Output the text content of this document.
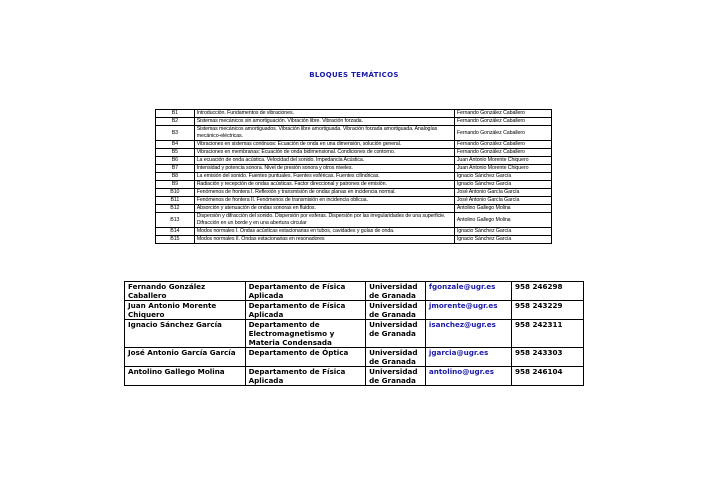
BLOQUES TEMÁTICOS
B1	Introducción. Fundamentos de vibraciones.	Fernando González Caballero
B2	Sistemas mecánicos sin amortiguación. Vibración libre. Vibración forzada.	Fernando González Caballero
B3	Sistemas mecánicos amortiguados. Vibración libre amortiguada. Vibración forzada amortiguada. Analogías mecánico-eléctricas.	Fernando González Caballero
B4	Vibraciones en sistemas continuos: Ecuación de onda en una dimensión, solución general.	Fernando González Caballero
B5	Vibraciones en membranas: Ecuación de onda bidimensional. Condiciones de contorno.	Fernando González Caballero
B6	La ecuación de onda acústica. Velocidad del sonido. Impedancia Acústica.	Juan Antonio Morente Chiquero
B7	Intensidad y potencia sonora. Nivel de presión sonora y otros niveles.	Juan Antonio Morente Chiquero
B8	La emisión del sonido. Fuentes puntuales. Fuentes esféricas. Fuentes cilíndricas.	Ignacio Sánchez García
B9	Radiación y recepción de ondas acústicas. Factor direccional y patrones de emisión.	Ignacio Sánchez García
B10	Fenómenos de frontera I. Reflexión y transmisión de ondas planas en incidencia normal.	José Antonio García García
B11	Fenómenos de frontera II. Fenómenos de transmisión en incidencia oblicua.	José Antonio García García
B12	Absorción y atenuación de ondas sonoras en fluidos.	Antolino Gallego Molina
B13	Dispersión y difracción del sonido. Dispersión por esferas. Dispersión por las irregularidades de una superficie. Difracción en un borde y en una abertura circular	Antolino Gallego Molina
B14	Modos normales I. Ondas acústicas estacionarias en tubos, cavidades y guías de onda.	Ignacio Sánchez García
B15	Modos normales II. Ondas estacionarias en resonadores	Ignacio Sánchez García
Fernando González Caballero	Departamento de Física Aplicada	Universidad de Granada	fgonzale@ugr.es	958 246298
Juan Antonio Morente Chiquero	Departamento de Física Aplicada	Universidad de Granada	jmorente@ugr.es	958 243229
Ignacio Sánchez García	Departamento de Electromagnetismo y Materia Condensada	Universidad de Granada	isanchez@ugr.es	958 242311
José Antonio García García	Departamento de Óptica	Universidad de Granada	jgarcia@ugr.es	958 243303
Antolino Gallego Molina	Departamento de Física Aplicada	Universidad de Granada	antolino@ugr.es	958 246104
